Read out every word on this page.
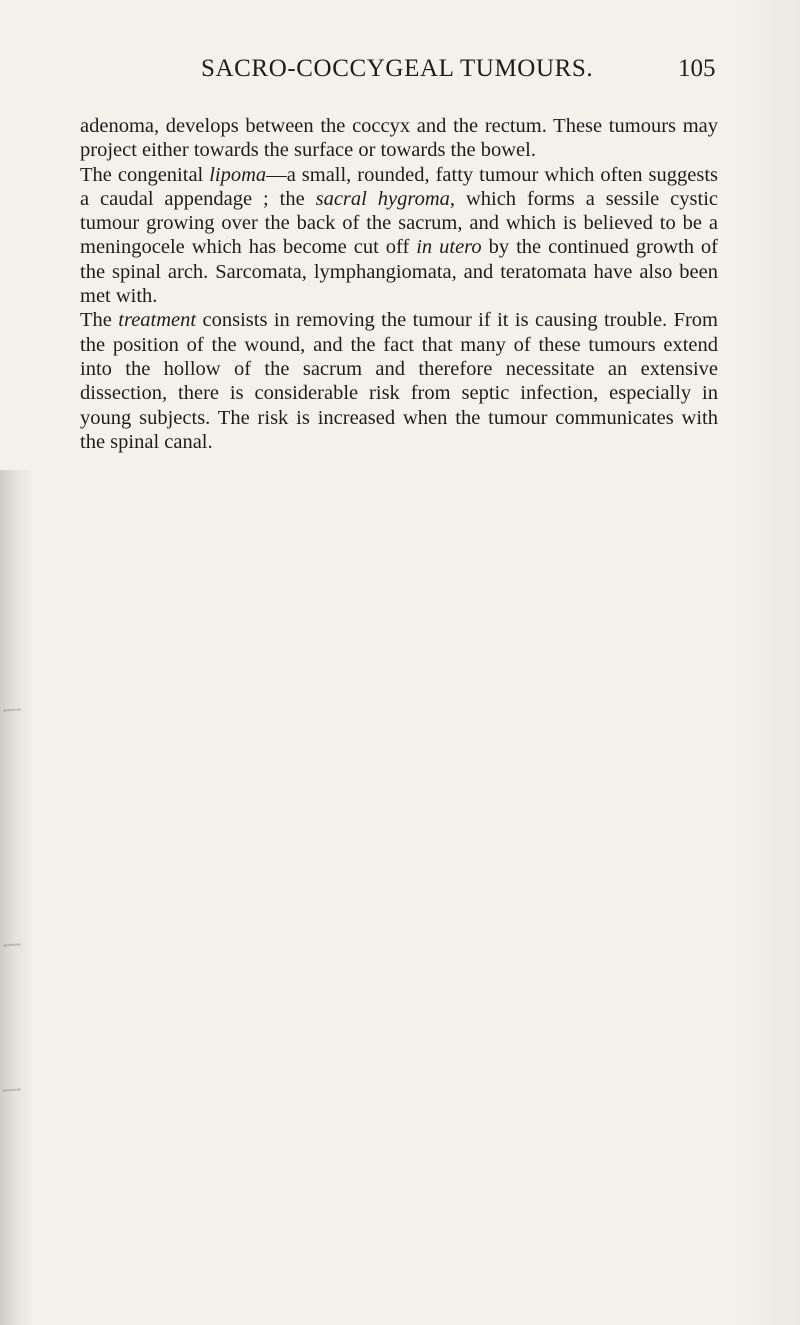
SACRO-COCCYGEAL TUMOURS.	105

adenoma, develops between the coccyx and the rectum. These tumours may project either towards the surface or towards the bowel.

The congenital lipoma—a small, rounded, fatty tumour which often suggests a caudal appendage ; the sacral hygroma, which forms a sessile cystic tumour growing over the back of the sacrum, and which is believed to be a meningocele which has become cut off in utero by the continued growth of the spinal arch. Sarcomata, lymphangiomata, and teratomata have also been met with.

The treatment consists in removing the tumour if it is causing trouble. From the position of the wound, and the fact that many of these tumours extend into the hollow of the sacrum and therefore necessitate an extensive dissection, there is considerable risk from septic infection, especially in young subjects. The risk is increased when the tumour communicates with the spinal canal.
